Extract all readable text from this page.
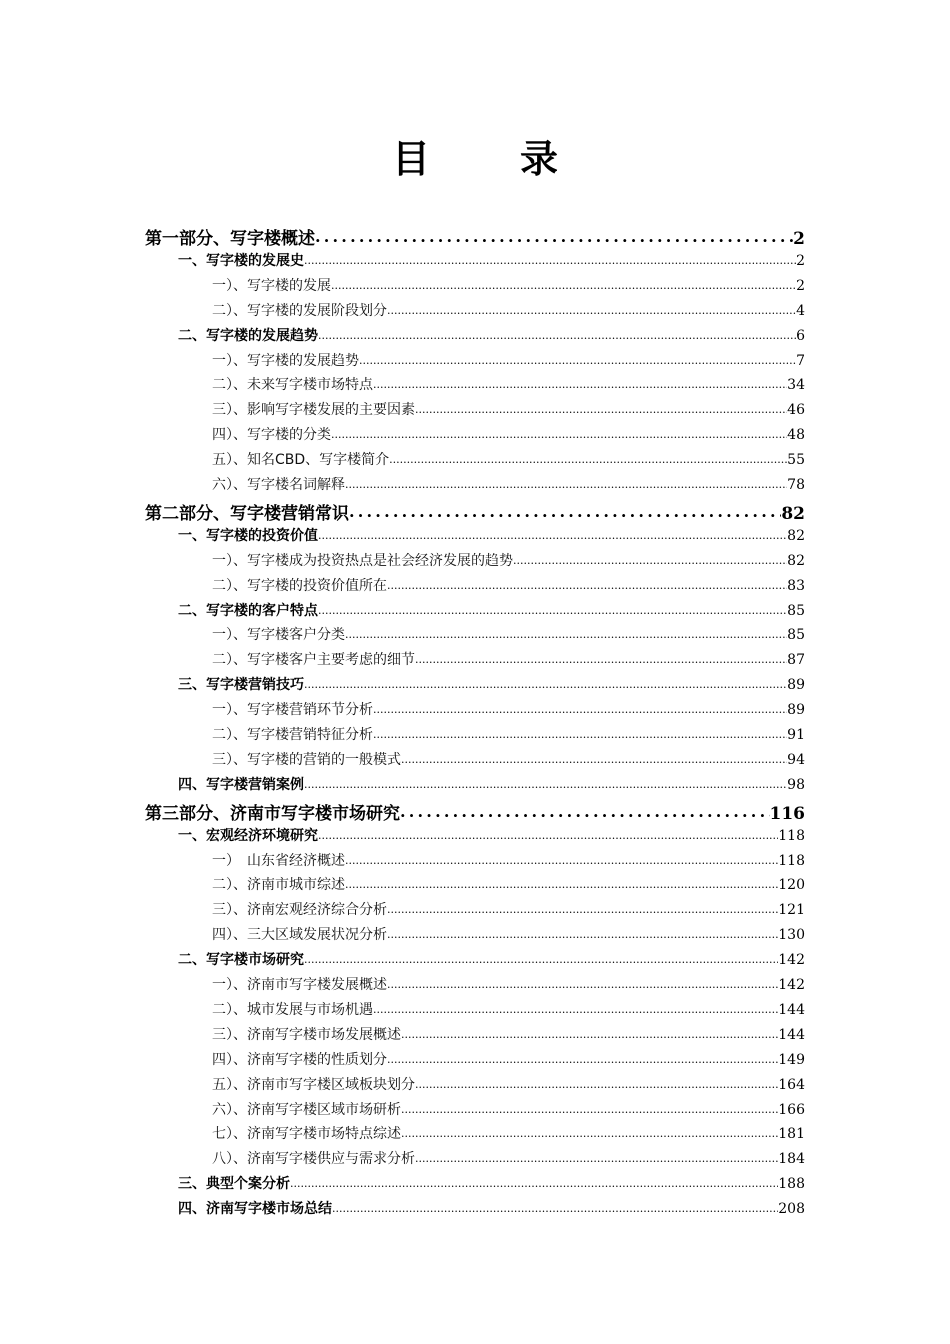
目　录
第一部分、写字楼概述 .....	2
一、写字楼的发展史 .....	2
一）、写字楼的发展 .....	2
二）、写字楼的发展阶段划分 .....	4
二、写字楼的发展趋势 .....	6
一）、写字楼的发展趋势 .....	7
二）、未来写字楼市场特点 .....	34
三）、影响写字楼发展的主要因素 .....	46
四）、写字楼的分类 .....	48
五）、知名CBD、写字楼简介 .....	55
六）、写字楼名词解释 .....	78
第二部分、写字楼营销常识 .....	82
一、写字楼的投资价值 .....	82
一）、写字楼成为投资热点是社会经济发展的趋势 .....	82
二）、写字楼的投资价值所在 .....	83
二、写字楼的客户特点 .....	85
一）、写字楼客户分类 .....	85
二）、写字楼客户主要考虑的细节 .....	87
三、写字楼营销技巧 .....	89
一）、写字楼营销环节分析 .....	89
二）、写字楼营销特征分析 .....	91
三）、写字楼的营销的一般模式 .....	94
四、写字楼营销案例 .....	98
第三部分、济南市写字楼市场研究 .....	116
一、宏观经济环境研究 .....	118
一）　山东省经济概述 .....	118
二）、济南市城市综述 .....	120
三）、济南宏观经济综合分析 .....	121
四）、三大区域发展状况分析 .....	130
二、写字楼市场研究 .....	142
一）、济南市写字楼发展概述 .....	142
二）、城市发展与市场机遇 .....	144
三）、济南写字楼市场发展概述 .....	144
四）、济南写字楼的性质划分 .....	149
五）、济南市写字楼区域板块划分 .....	164
六）、济南写字楼区域市场研析 .....	166
七）、济南写字楼市场特点综述 .....	181
八）、济南写字楼供应与需求分析 .....	184
三、典型个案分析 .....	188
四、济南写字楼市场总结 .....	208
